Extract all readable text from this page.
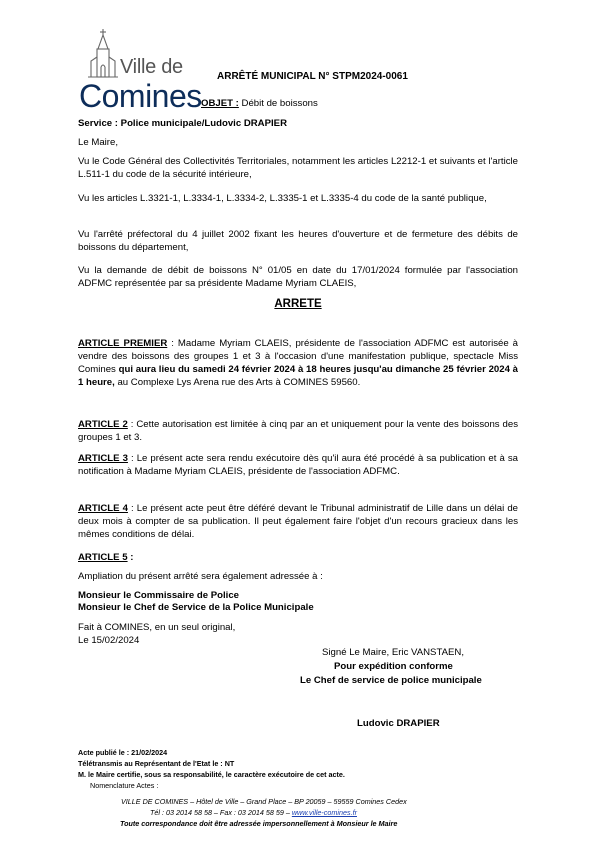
Ville de
Comines
ARRÊTÉ MUNICIPAL N° STPM2024-0061
OBJET : Débit de boissons
Service : Police municipale/Ludovic DRAPIER
Le Maire,
Vu le Code Général des Collectivités Territoriales, notamment les articles L2212-1 et suivants et l'article L.511-1 du code de la sécurité intérieure,
Vu les articles L.3321-1, L.3334-1, L.3334-2, L.3335-1 et L.3335-4 du code de la santé publique,
Vu l'arrêté préfectoral du 4 juillet 2002 fixant les heures d'ouverture et de fermeture des débits de boissons du département,
Vu la demande de débit de boissons N° 01/05 en date du 17/01/2024 formulée par l'association ADFMC représentée par sa présidente Madame Myriam CLAEIS,
ARRETE
ARTICLE PREMIER : Madame Myriam CLAEIS, présidente de l'association ADFMC est autorisée à vendre des boissons des groupes 1 et 3 à l'occasion d'une manifestation publique, spectacle Miss Comines qui aura lieu du samedi 24 février 2024 à 18 heures jusqu'au dimanche 25 février 2024 à 1 heure, au Complexe Lys Arena rue des Arts à COMINES 59560.
ARTICLE 2 : Cette autorisation est limitée à cinq par an et uniquement pour la vente des boissons des groupes 1 et 3.
ARTICLE 3 : Le présent acte sera rendu exécutoire dès qu'il aura été procédé à sa publication et à sa notification à Madame Myriam CLAEIS, présidente de l'association ADFMC.
ARTICLE 4 : Le présent acte peut être déféré devant le Tribunal administratif de Lille dans un délai de deux mois à compter de sa publication. Il peut également faire l'objet d'un recours gracieux dans les mêmes conditions de délai.
ARTICLE 5 :
Ampliation du présent arrêté sera également adressée à :
Monsieur le Commissaire de Police
Monsieur le Chef de Service de la Police Municipale
Fait à COMINES, en un seul original,
Le 15/02/2024
Signé Le Maire, Eric VANSTAEN,
Pour expédition conforme
Le Chef de service de police municipale
Ludovic DRAPIER
Acte publié le : 21/02/2024
Télétransmis au Représentant de l'Etat le : NT
M. le Maire certifie, sous sa responsabilité, le caractère exécutoire de cet acte.
Nomenclature Actes :
VILLE DE COMINES – Hôtel de Ville – Grand Place – BP 20059 – 59559 Comines Cedex
Tél : 03 2014 58 58 – Fax : 03 2014 58 59 – www.ville-comines.fr
Toute correspondance doit être adressée impersonnellement à Monsieur le Maire
